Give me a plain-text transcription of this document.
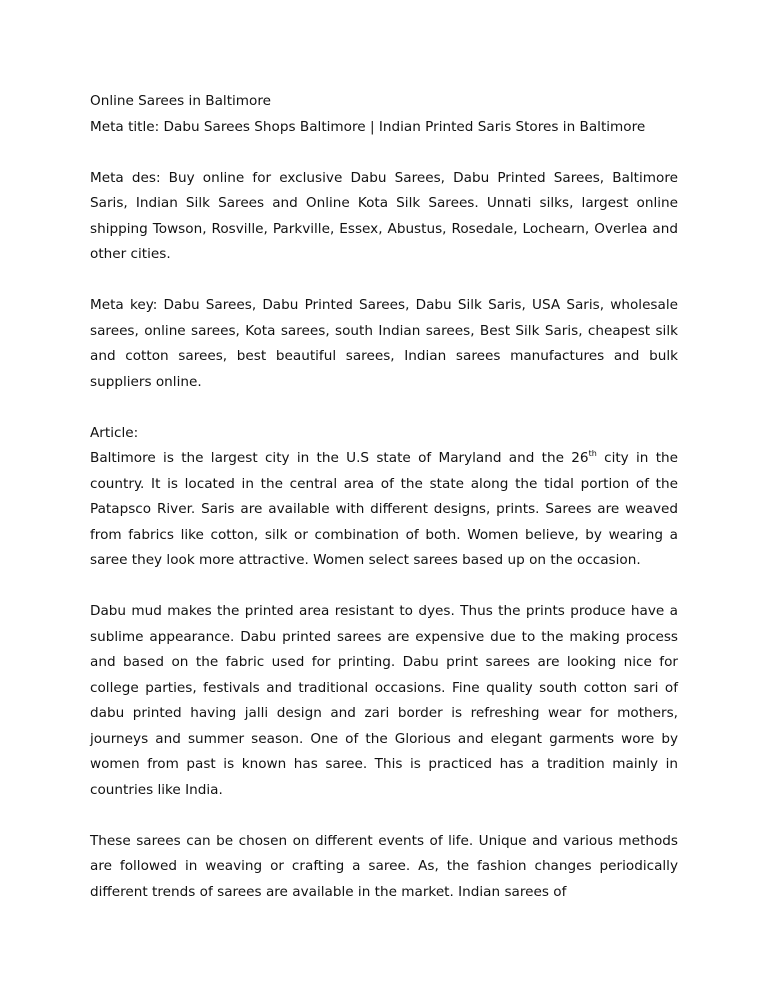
Online Sarees in Baltimore

Meta title: Dabu Sarees Shops Baltimore | Indian Printed Saris Stores in Baltimore

Meta des: Buy online for exclusive Dabu Sarees, Dabu Printed Sarees, Baltimore Saris, Indian Silk Sarees and Online Kota Silk Sarees. Unnati silks, largest online shipping Towson, Rosville, Parkville, Essex, Abustus, Rosedale, Lochearn, Overlea and other cities.

Meta key: Dabu Sarees, Dabu Printed Sarees, Dabu Silk Saris, USA Saris, wholesale sarees, online sarees, Kota sarees, south Indian sarees, Best Silk Saris, cheapest silk and cotton sarees, best beautiful sarees, Indian sarees manufactures and bulk suppliers online.

Article:

Baltimore is the largest city in the U.S state of Maryland and the 26th city in the country. It is located in the central area of the state along the tidal portion of the Patapsco River. Saris are available with different designs, prints. Sarees are weaved from fabrics like cotton, silk or combination of both. Women believe, by wearing a saree they look more attractive. Women select sarees based up on the occasion.

Dabu mud makes the printed area resistant to dyes. Thus the prints produce have a sublime appearance. Dabu printed sarees are expensive due to the making process and based on the fabric used for printing. Dabu print sarees are looking nice for college parties, festivals and traditional occasions. Fine quality south cotton sari of dabu printed having jalli design and zari border is refreshing wear for mothers, journeys and summer season. One of the Glorious and elegant garments wore by women from past is known has saree. This is practiced has a tradition mainly in countries like India.

These sarees can be chosen on different events of life. Unique and various methods are followed in weaving or crafting a saree. As, the fashion changes periodically different trends of sarees are available in the market. Indian sarees of
